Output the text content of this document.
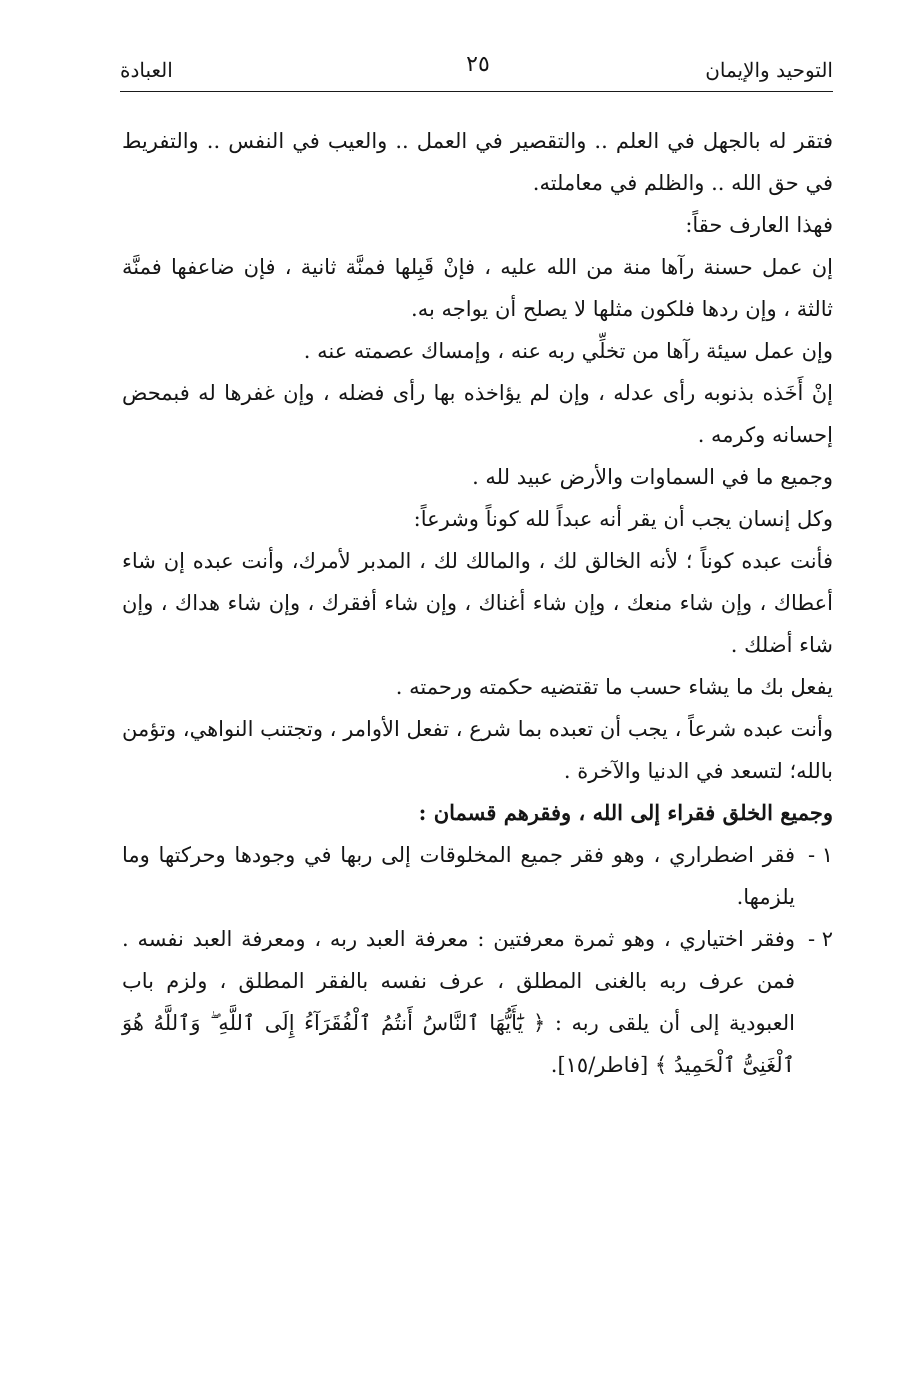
التوحيد والإيمان
٢٥
العبادة

فتقر له بالجهل في العلم .. والتقصير في العمل .. والعيب في النفس .. والتفريط في حق الله .. والظلم في معاملته.

فهذا العارف حقاً:

إن عمل حسنة رآها منة من الله عليه ، فإنْ قَبِلها فمنَّة ثانية ، فإن ضاعفها فمنَّة ثالثة ، وإن ردها فلكون مثلها لا يصلح أن يواجه به.

وإن عمل سيئة رآها من تخلِّي ربه عنه ، وإمساك عصمته عنه .

إنْ أَخَذه بذنوبه رأى عدله ، وإن لم يؤاخذه بها رأى فضله ، وإن غفرها له فبمحض إحسانه وكرمه .

وجميع ما في السماوات والأرض عبيد لله .

وكل إنسان يجب أن يقر أنه عبداً لله كوناً وشرعاً:

فأنت عبده كوناً ؛ لأنه الخالق لك ، والمالك لك ، المدبر لأمرك، وأنت عبده إن شاء أعطاك ، وإن شاء منعك ، وإن شاء أغناك ، وإن شاء أفقرك ، وإن شاء هداك ، وإن شاء أضلك .

يفعل بك ما يشاء حسب ما تقتضيه حكمته ورحمته .

وأنت عبده شرعاً ، يجب أن تعبده بما شرع ، تفعل الأوامر ، وتجتنب النواهي، وتؤمن بالله؛ لتسعد في الدنيا والآخرة .

وجميع الخلق فقراء إلى الله ، وفقرهم قسمان :

١ -
فقر اضطراري ، وهو فقر جميع المخلوقات إلى ربها في وجودها وحركتها وما يلزمها.
٢ -
وفقر اختياري ، وهو ثمرة معرفتين : معرفة العبد ربه ، ومعرفة العبد نفسه . فمن عرف ربه بالغنى المطلق ، عرف نفسه بالفقر المطلق ، ولزم باب العبودية إلى أن يلقى ربه : ﴿ يَٰٓأَيُّهَا ٱلنَّاسُ أَنتُمُ ٱلْفُقَرَآءُ إِلَى ٱللَّهِ ۖ وَٱللَّهُ هُوَ ٱلْغَنِىُّ ٱلْحَمِيدُ ﴾ [فاطر/١٥].
